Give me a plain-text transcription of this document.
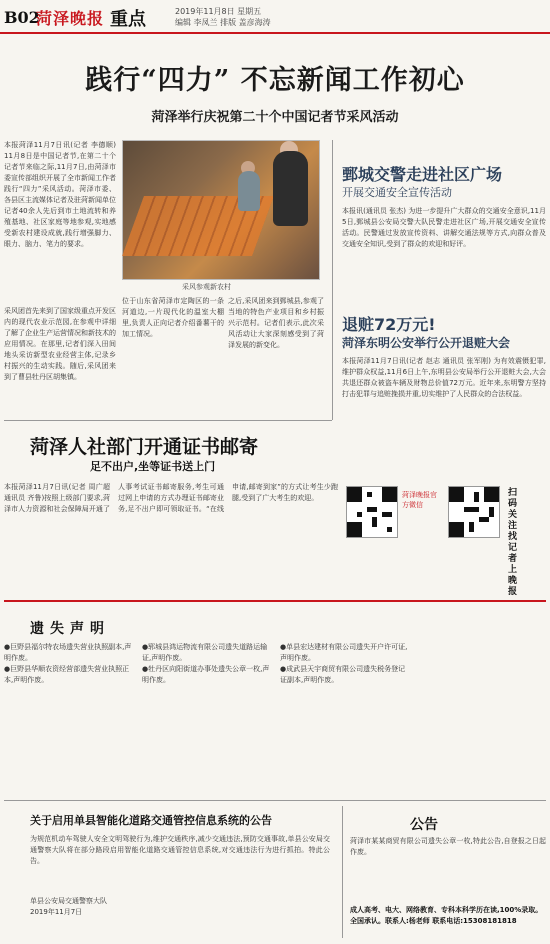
B02
菏泽晚报 重点	2019年11月8日 星期五
编辑 李凤兰 排版 盖彦海涛
践行“四力” 不忘新闻工作初心
菏泽举行庆祝第二十个中国记者节采风活动
本报菏泽11月7日讯(记者 李德顺) 11月8日是中国记者节,在第二十个记者节来临之际,11月7日,由菏泽市委宣传部组织开展了全市新闻工作者践行“四力”采风活动。菏泽市委、各县区主流媒体记者及驻菏新闻单位记者40余人先后到市土地流转和养殖基地、社区家庭等地参观,实地感受新农村建设成就,践行增强脚力、眼力、脑力、笔力的要求。
采风团首先来到了国家级重点开发区内的现代农业示范园,在参观中详细了解了企业生产运营情况和新技术的应用情况。在那里,记者们深入田间地头采访新型农业经营主体,记录乡村振兴的生动实践。随后,采风团来到了曹县牡丹区胡集镇。
采风参观新农村
位于山东省菏泽市定陶区的一条河道边,一片现代化的温室大棚里,负责人正向记者介绍番薯干的加工情况。
之后,采风团来到鄄城县,参观了当地的特色产业项目和乡村振兴示范村。记者们表示,此次采风活动让大家深刻感受到了菏泽发展的新变化。
鄄城交警走进社区广场
开展交通安全宣传活动
本报讯(通讯员 张杰) 为进一步提升广大群众的交通安全意识,11月5日,鄄城县公安局交警大队民警走进社区广场,开展交通安全宣传活动。民警通过发放宣传资料、讲解交通法规等方式,向群众普及交通安全知识,受到了群众的欢迎和好评。
退赃72万元!
菏泽东明公安举行公开退赃大会
本报菏泽11月7日讯(记者 赵志 通讯员 张军刚) 为有效震慑犯罪,维护群众权益,11月6日上午,东明县公安局举行公开退赃大会,大会共退还群众被盗车辆及财物总价值72万元。近年来,东明警方坚持打击犯罪与追赃挽损并重,切实维护了人民群众的合法权益。
菏泽人社部门开通证书邮寄
足不出户,坐等证书送上门
本报菏泽11月7日讯(记者 周广超 通讯员 齐鲁)按照上级部门要求,菏泽市人力资源和社会保障局开通了人事考试证书邮寄服务,考生可通过网上申请的方式办理证书邮寄业务,足不出户即可领取证书。“在线申请,邮寄到家”的方式让考生少跑腿,受到了广大考生的欢迎。	菏泽晚报官方微信
扫码关注 找记者上晚报
遗失声明

●巨野县福尔特农场遗失营业执照副本,声明作废。

●巨野县华顺农资经营部遗失营业执照正本,声明作废。

●郓城县鸿运物流有限公司遗失道路运输证,声明作废。

●牡丹区向阳街道办事处遗失公章一枚,声明作废。

●单县宏达建材有限公司遗失开户许可证,声明作废。

●成武县天宇商贸有限公司遗失税务登记证副本,声明作废。

关于启用单县智能化道路交通管控信息系统的公告
为规范机动车驾驶人安全文明驾驶行为,维护交通秩序,减少交通违法,预防交通事故,单县公安局交通警察大队将在部分路段启用智能化道路交通管控信息系统,对交通违法行为进行抓拍。特此公告。
单县公安局交通警察大队
2019年11月7日
公告
菏泽市某某商贸有限公司遗失公章一枚,特此公告,自登报之日起作废。
成人高考、电大、网络教育、专科本科学历在读,100%录取。全国承认。联系人:杨老师 联系电话:15308181818
